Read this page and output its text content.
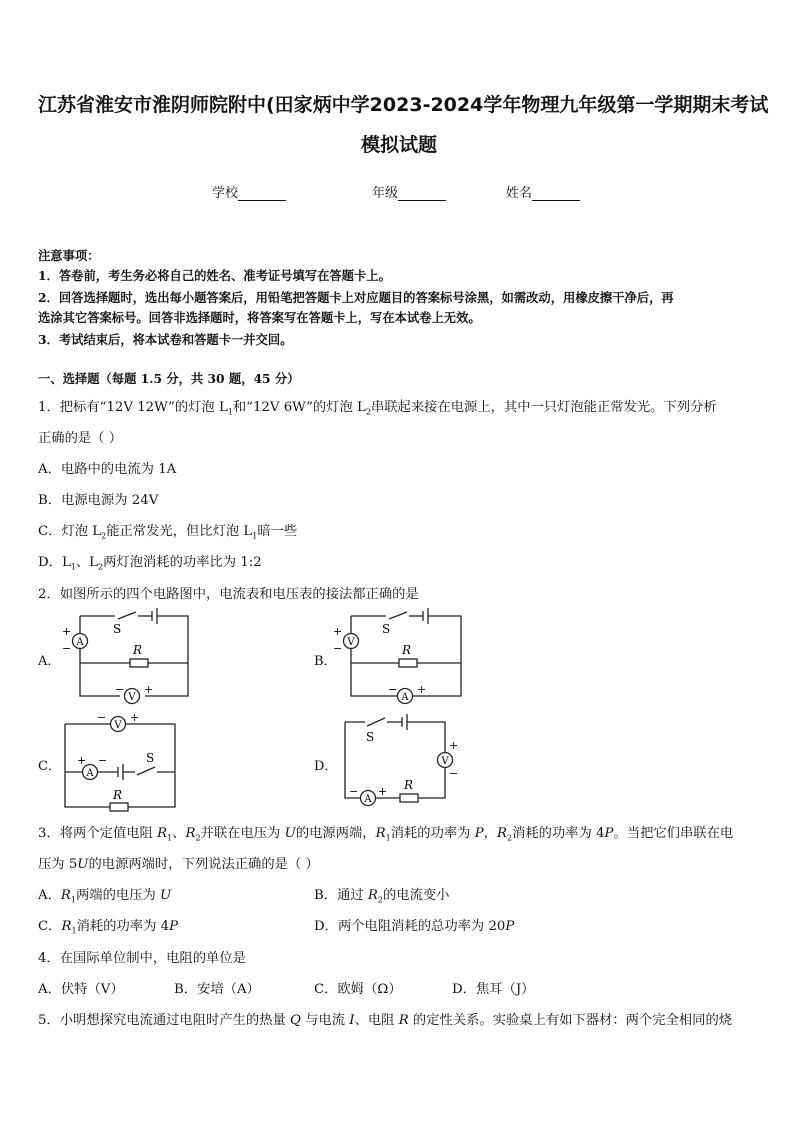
江苏省淮安市淮阴师院附中(田家炳中学2023-2024学年物理九年级第一学期期末考试
模拟试题
学校	年级	姓名
注意事项：
1．答卷前，考生务必将自己的姓名、准考证号填写在答题卡上。
2．回答选择题时，选出每小题答案后，用铅笔把答题卡上对应题目的答案标号涂黑，如需改动，用橡皮擦干净后，再
选涂其它答案标号。回答非选择题时，将答案写在答题卡上，写在本试卷上无效。
3．考试结束后，将本试卷和答题卡一并交回。
一、选择题（每题 1.5 分，共 30 题，45 分）
1．把标有“12V 12W”的灯泡 $L_1$和“12V 6W”的灯泡 $L_2$串联起来接在电源上，其中一只灯泡能正常发光。下列分析
正确的是（ ）
A．电路中的电流为 1A
B．电源电源为 24V
C．灯泡 $L_2$能正常发光，但比灯泡 $L_1$暗一些
D．$L_1$、$L_2$两灯泡消耗的功率比为 1:2
2．如图所示的四个电路图中，电流表和电压表的接法都正确的是
A．	B．
C．	D．
A
V
S
R
+
−
− +
V
A
S
R
+
−
− +
V
A
S
R
− +
+ −	V
A
S
R
+
−
− +
3．将两个定值电阻 $R_1$、$R_2$并联在电压为 U的电源两端，$R_1$消耗的功率为 P，$R_2$消耗的功率为 4P。当把它们串联在电
压为 5U的电源两端时，下列说法正确的是（ ）
A．$R_1$两端的电压为 U	B．通过 $R_2$的电流变小
C．$R_1$消耗的功率为 4P	D．两个电阻消耗的总功率为 20P
4．在国际单位制中，电阻的单位是
A．伏特（V）	B．安培（A）	C．欧姆（Ω）	D．焦耳（J）
5．小明想探究电流通过电阻时产生的热量 Q 与电流 I、电阻 R 的定性关系。实验桌上有如下器材：两个完全相同的烧
